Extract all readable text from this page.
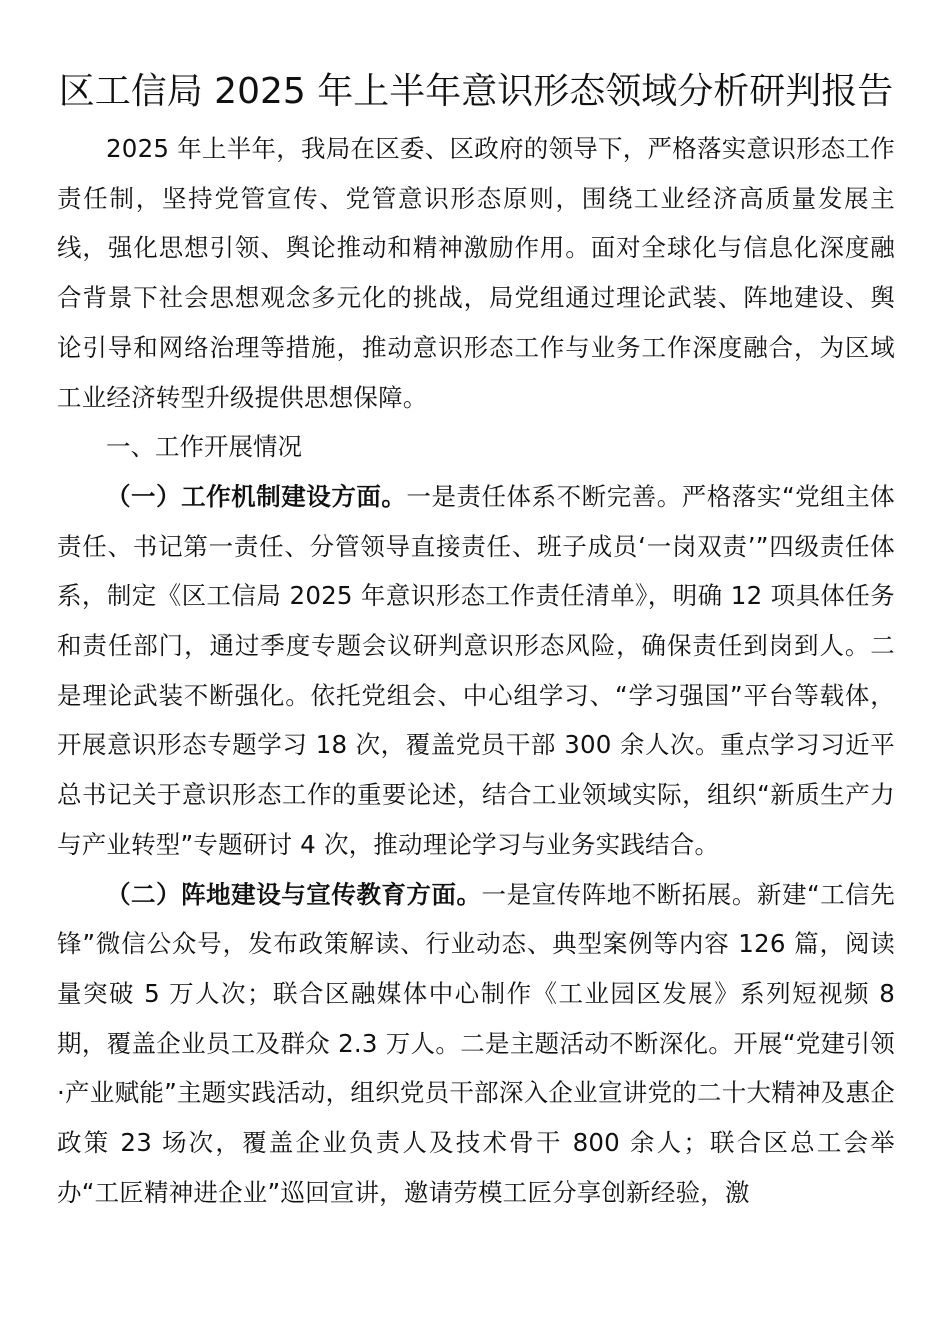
区工信局 2025 年上半年意识形态领域分析研判报告

2025 年上半年，我局在区委、区政府的领导下，严格落实意识形态工作责任制，坚持党管宣传、党管意识形态原则，围绕工业经济高质量发展主线，强化思想引领、舆论推动和精神激励作用。面对全球化与信息化深度融合背景下社会思想观念多元化的挑战，局党组通过理论武装、阵地建设、舆论引导和网络治理等措施，推动意识形态工作与业务工作深度融合，为区域工业经济转型升级提供思想保障。

一、工作开展情况

（一）工作机制建设方面。一是责任体系不断完善。严格落实“党组主体责任、书记第一责任、分管领导直接责任、班子成员‘一岗双责’”四级责任体系，制定《区工信局 2025 年意识形态工作责任清单》，明确 12 项具体任务和责任部门，通过季度专题会议研判意识形态风险，确保责任到岗到人。二是理论武装不断强化。依托党组会、中心组学习、“学习强国”平台等载体，开展意识形态专题学习 18 次，覆盖党员干部 300 余人次。重点学习习近平总书记关于意识形态工作的重要论述，结合工业领域实际，组织“新质生产力与产业转型”专题研讨 4 次，推动理论学习与业务实践结合。

（二）阵地建设与宣传教育方面。一是宣传阵地不断拓展。新建“工信先锋”微信公众号，发布政策解读、行业动态、典型案例等内容 126 篇，阅读量突破 5 万人次；联合区融媒体中心制作《工业园区发展》系列短视频 8 期，覆盖企业员工及群众 2.3 万人。二是主题活动不断深化。开展“党建引领·产业赋能”主题实践活动，组织党员干部深入企业宣讲党的二十大精神及惠企政策 23 场次，覆盖企业负责人及技术骨干 800 余人；联合区总工会举办“工匠精神进企业”巡回宣讲，邀请劳模工匠分享创新经验，激
